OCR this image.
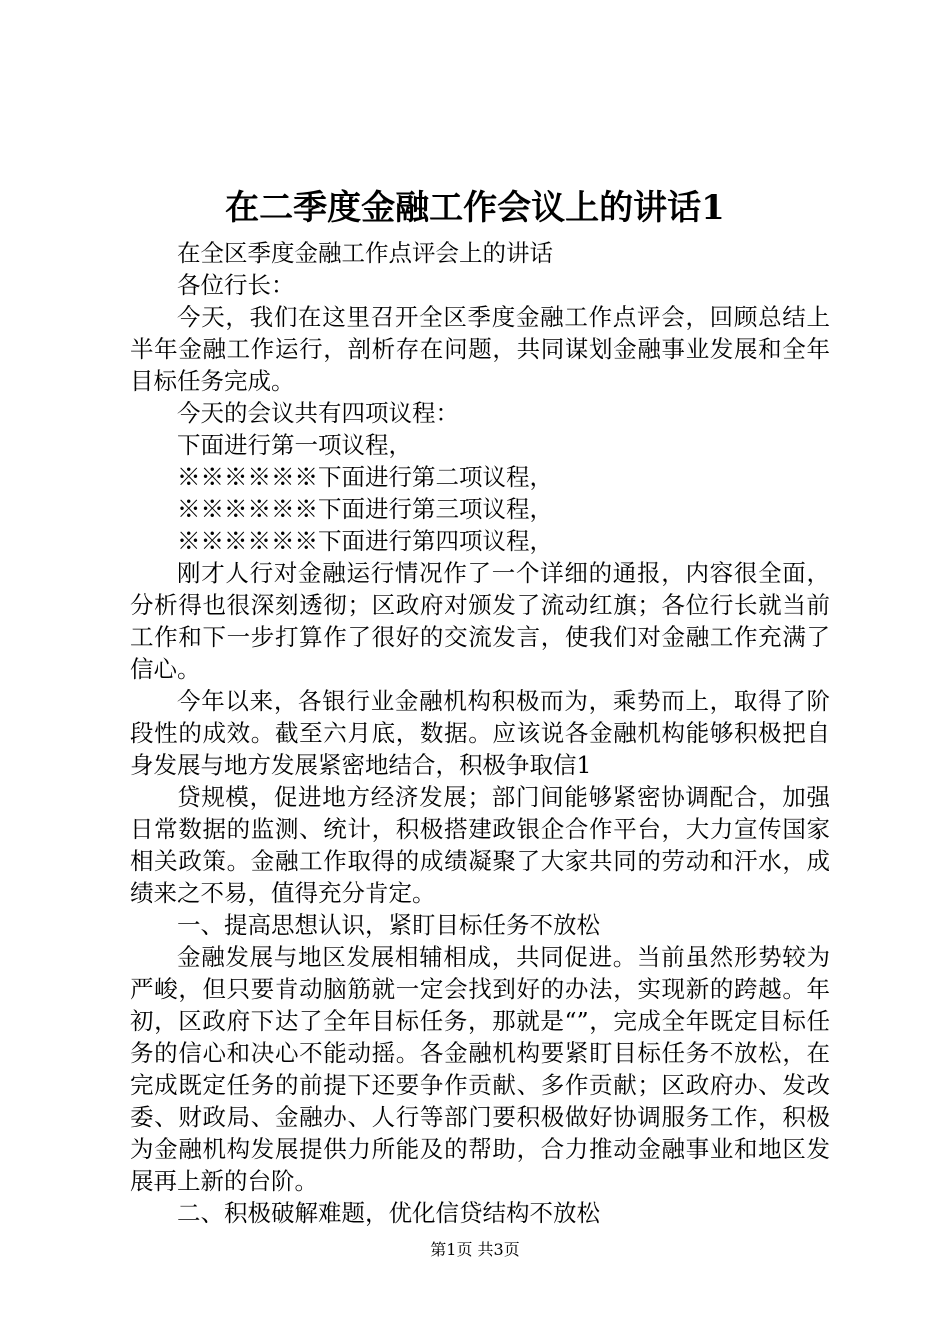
在二季度金融工作会议上的讲话1

在全区季度金融工作点评会上的讲话

各位行长：

今天，我们在这里召开全区季度金融工作点评会，回顾总结上半年金融工作运行，剖析存在问题，共同谋划金融事业发展和全年目标任务完成。

今天的会议共有四项议程：

下面进行第一项议程，

※※※※※※下面进行第二项议程，

※※※※※※下面进行第三项议程，

※※※※※※下面进行第四项议程，

刚才人行对金融运行情况作了一个详细的通报，内容很全面，分析得也很深刻透彻；区政府对颁发了流动红旗；各位行长就当前工作和下一步打算作了很好的交流发言，使我们对金融工作充满了信心。

今年以来，各银行业金融机构积极而为，乘势而上，取得了阶段性的成效。截至六月底，数据。应该说各金融机构能够积极把自身发展与地方发展紧密地结合，积极争取信1

贷规模，促进地方经济发展；部门间能够紧密协调配合，加强日常数据的监测、统计，积极搭建政银企合作平台，大力宣传国家相关政策。金融工作取得的成绩凝聚了大家共同的劳动和汗水，成绩来之不易，值得充分肯定。

一、提高思想认识，紧盯目标任务不放松

金融发展与地区发展相辅相成，共同促进。当前虽然形势较为严峻，但只要肯动脑筋就一定会找到好的办法，实现新的跨越。年初，区政府下达了全年目标任务，那就是“”，完成全年既定目标任务的信心和决心不能动摇。各金融机构要紧盯目标任务不放松，在完成既定任务的前提下还要争作贡献、多作贡献；区政府办、发改委、财政局、金融办、人行等部门要积极做好协调服务工作，积极为金融机构发展提供力所能及的帮助，合力推动金融事业和地区发展再上新的台阶。

二、积极破解难题，优化信贷结构不放松

第1页 共3页
